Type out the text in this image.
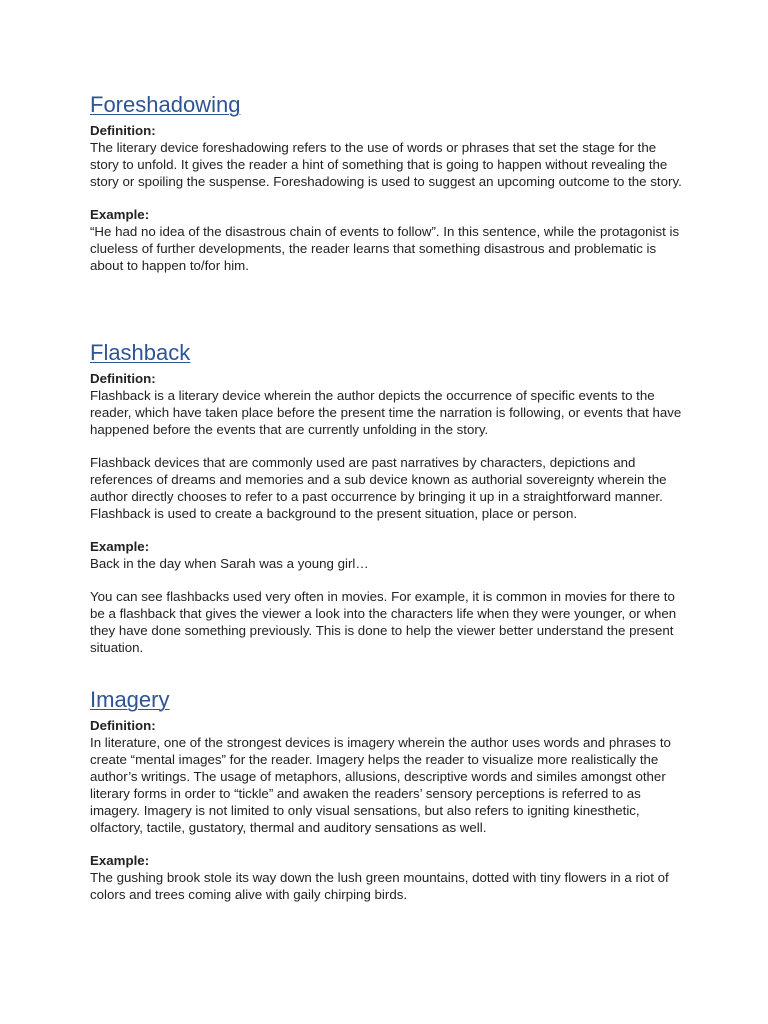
Foreshadowing

Definition:

The literary device foreshadowing refers to the use of words or phrases that set the stage for the story to unfold. It gives the reader a hint of something that is going to happen without revealing the story or spoiling the suspense. Foreshadowing is used to suggest an upcoming outcome to the story.

Example:

“He had no idea of the disastrous chain of events to follow”. In this sentence, while the protagonist is clueless of further developments, the reader learns that something disastrous and problematic is about to happen to/for him.

Flashback

Definition:

Flashback is a literary device wherein the author depicts the occurrence of specific events to the reader, which have taken place before the present time the narration is following, or events that have happened before the events that are currently unfolding in the story.

Flashback devices that are commonly used are past narratives by characters, depictions and references of dreams and memories and a sub device known as authorial sovereignty wherein the author directly chooses to refer to a past occurrence by bringing it up in a straightforward manner. Flashback is used to create a background to the present situation, place or person.

Example:

Back in the day when Sarah was a young girl…

You can see flashbacks used very often in movies. For example, it is common in movies for there to be a flashback that gives the viewer a look into the characters life when they were younger, or when they have done something previously. This is done to help the viewer better understand the present situation.

Imagery

Definition:

In literature, one of the strongest devices is imagery wherein the author uses words and phrases to create “mental images” for the reader. Imagery helps the reader to visualize more realistically the author’s writings. The usage of metaphors, allusions, descriptive words and similes amongst other literary forms in order to “tickle” and awaken the readers’ sensory perceptions is referred to as imagery. Imagery is not limited to only visual sensations, but also refers to igniting kinesthetic, olfactory, tactile, gustatory, thermal and auditory sensations as well.

Example:

The gushing brook stole its way down the lush green mountains, dotted with tiny flowers in a riot of colors and trees coming alive with gaily chirping birds.
